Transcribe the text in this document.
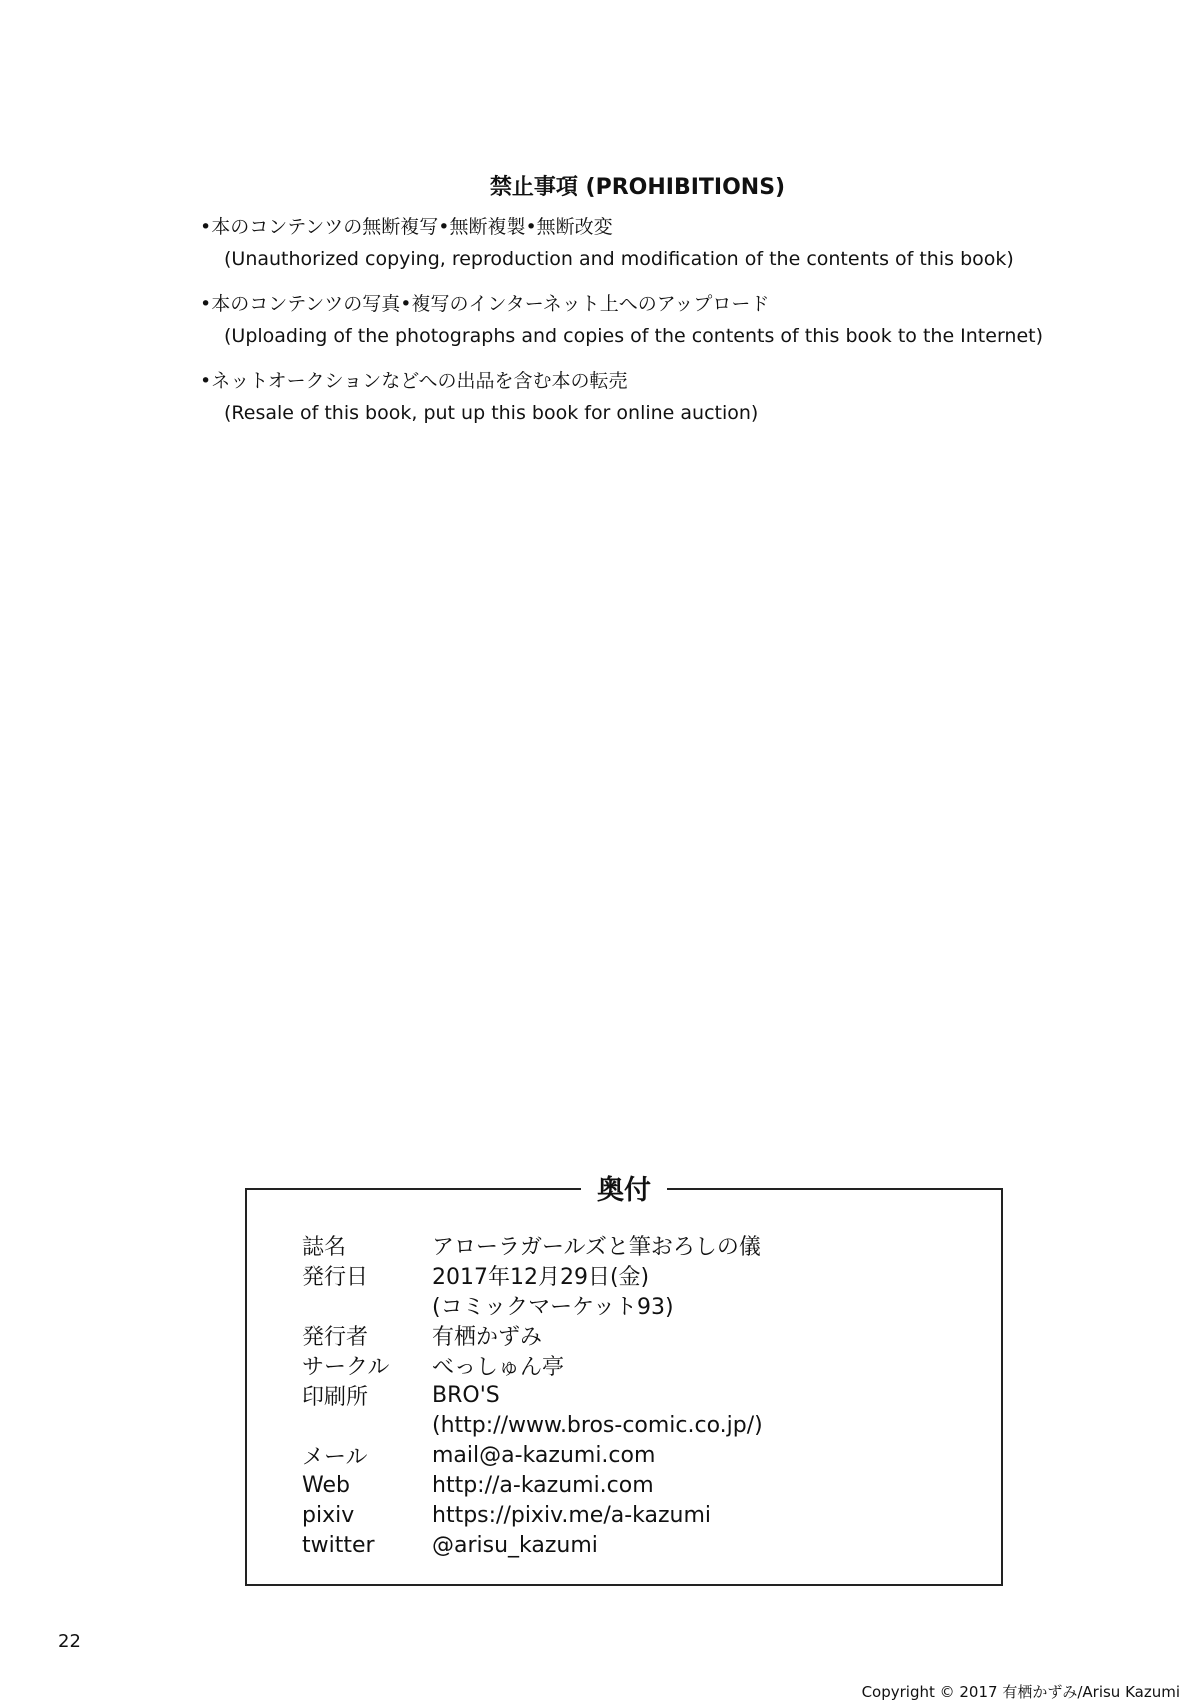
禁止事項 (PROHIBITIONS)
•本のコンテンツの無断複写•無断複製•無断改変
(Unauthorized copying, reproduction and modification of the contents of this book)
•本のコンテンツの写真•複写のインターネット上へのアップロード
(Uploading of the photographs and copies of the contents of this book to the Internet)
•ネットオークションなどへの出品を含む本の転売
(Resale of this book, put up this book for online auction)
奥付
誌名	アローラガールズと筆おろしの儀
発行日	2017年12月29日(金)
(コミックマーケット93)
発行者	有栖かずみ
サークル	べっしゅん亭
印刷所	BRO'S
(http://www.bros-comic.co.jp/)
メール	mail@a-kazumi.com
Web	http://a-kazumi.com
pixiv	https://pixiv.me/a-kazumi
twitter	@arisu_kazumi
22
Copyright © 2017 有栖かずみ/Arisu Kazumi
